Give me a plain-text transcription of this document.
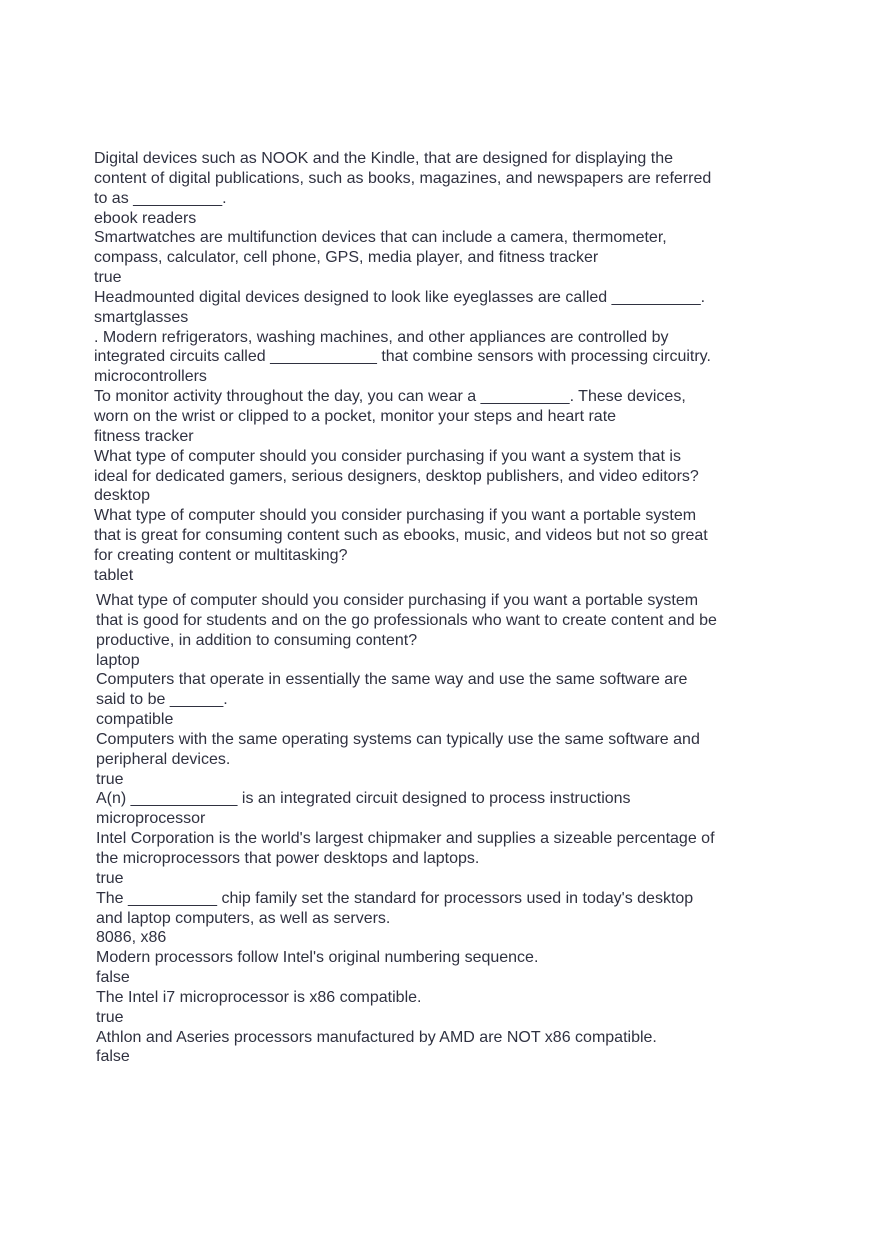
Digital devices such as NOOK and the Kindle, that are designed for displaying the
content of digital publications, such as books, magazines, and newspapers are referred
to as __________.
ebook readers
Smartwatches are multifunction devices that can include a camera, thermometer,
compass, calculator, cell phone, GPS, media player, and fitness tracker
true
Headmounted digital devices designed to look like eyeglasses are called __________.
smartglasses
. Modern refrigerators, washing machines, and other appliances are controlled by
integrated circuits called ____________ that combine sensors with processing circuitry.
microcontrollers
To monitor activity throughout the day, you can wear a __________. These devices,
worn on the wrist or clipped to a pocket, monitor your steps and heart rate
fitness tracker
What type of computer should you consider purchasing if you want a system that is
ideal for dedicated gamers, serious designers, desktop publishers, and video editors?
desktop
What type of computer should you consider purchasing if you want a portable system
that is great for consuming content such as ebooks, music, and videos but not so great
for creating content or multitasking?
tablet
What type of computer should you consider purchasing if you want a portable system
that is good for students and on the go professionals who want to create content and be
productive, in addition to consuming content?
laptop
Computers that operate in essentially the same way and use the same software are
said to be ______.
compatible
Computers with the same operating systems can typically use the same software and
peripheral devices.
true
A(n) ____________ is an integrated circuit designed to process instructions
microprocessor
Intel Corporation is the world's largest chipmaker and supplies a sizeable percentage of
the microprocessors that power desktops and laptops.
true
The __________ chip family set the standard for processors used in today's desktop
and laptop computers, as well as servers.
8086, x86
Modern processors follow Intel's original numbering sequence.
false
The Intel i7 microprocessor is x86 compatible.
true
Athlon and Aseries processors manufactured by AMD are NOT x86 compatible.
false
